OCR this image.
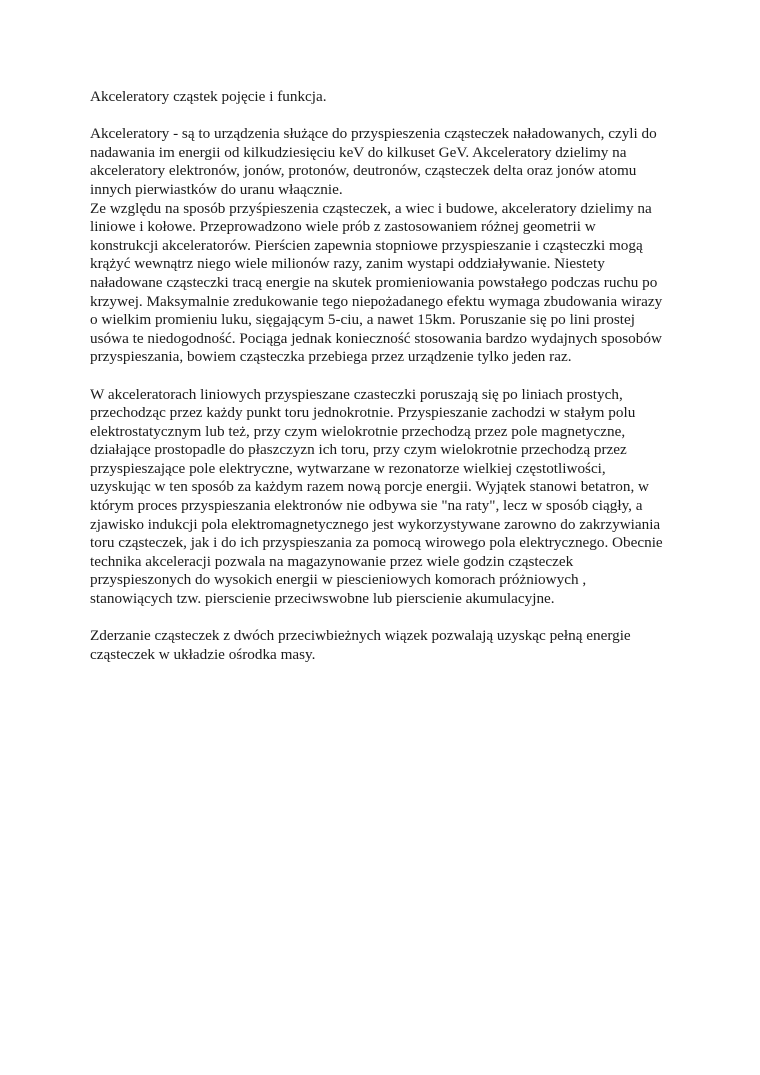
Akceleratory cząstek pojęcie i funkcja.
Akceleratory - są to urządzenia służące do przyspieszenia cząsteczek naładowanych, czyli do
nadawania im energii od kilkudziesięciu keV do kilkuset GeV. Akceleratory dzielimy na
akceleratory elektronów, jonów, protonów, deutronów, cząsteczek delta oraz jonów atomu
innych pierwiastków do uranu właącznie.
Ze względu na sposób przyśpieszenia cząsteczek, a wiec i budowe, akceleratory dzielimy na
liniowe i kołowe. Przeprowadzono wiele prób z zastosowaniem różnej geometrii w
konstrukcji akceleratorów. Pierścien zapewnia stopniowe przyspieszanie i cząsteczki mogą
krążyć wewnątrz niego wiele milionów razy, zanim wystapi oddziaływanie. Niestety
naładowane cząsteczki tracą energie na skutek promieniowania powstałego podczas ruchu po
krzywej. Maksymalnie zredukowanie tego niepożadanego efektu wymaga zbudowania wirazy
o wielkim promieniu luku, sięgającym 5-ciu, a nawet 15km. Poruszanie się po lini prostej
usówa te niedogodność. Pociąga jednak konieczność stosowania bardzo wydajnych sposobów
przyspieszania, bowiem cząsteczka przebiega przez urządzenie tylko jeden raz.
W akceleratorach liniowych przyspieszane czasteczki poruszają się po liniach prostych,
przechodząc przez każdy punkt toru jednokrotnie. Przyspieszanie zachodzi w stałym polu
elektrostatycznym lub też, przy czym wielokrotnie przechodzą przez pole magnetyczne,
działające prostopadle do płaszczyzn ich toru, przy czym wielokrotnie przechodzą przez
przyspieszające pole elektryczne, wytwarzane w rezonatorze wielkiej częstotliwości,
uzyskując w ten sposób za każdym razem nową porcje energii. Wyjątek stanowi betatron, w
którym proces przyspieszania elektronów nie odbywa sie "na raty", lecz w sposób ciągły, a
zjawisko indukcji pola elektromagnetycznego jest wykorzystywane zarowno do zakrzywiania
toru cząsteczek, jak i do ich przyspieszania za pomocą wirowego pola elektrycznego. Obecnie
technika akceleracji pozwala na magazynowanie przez wiele godzin cząsteczek
przyspieszonych do wysokich energii w piescieniowych komorach próżniowych ,
stanowiących tzw. pierscienie przeciwswobne lub pierscienie akumulacyjne.
Zderzanie cząsteczek z dwóch przeciwbieżnych wiązek pozwalają uzyskąc pełną energie
cząsteczek w układzie ośrodka masy.
